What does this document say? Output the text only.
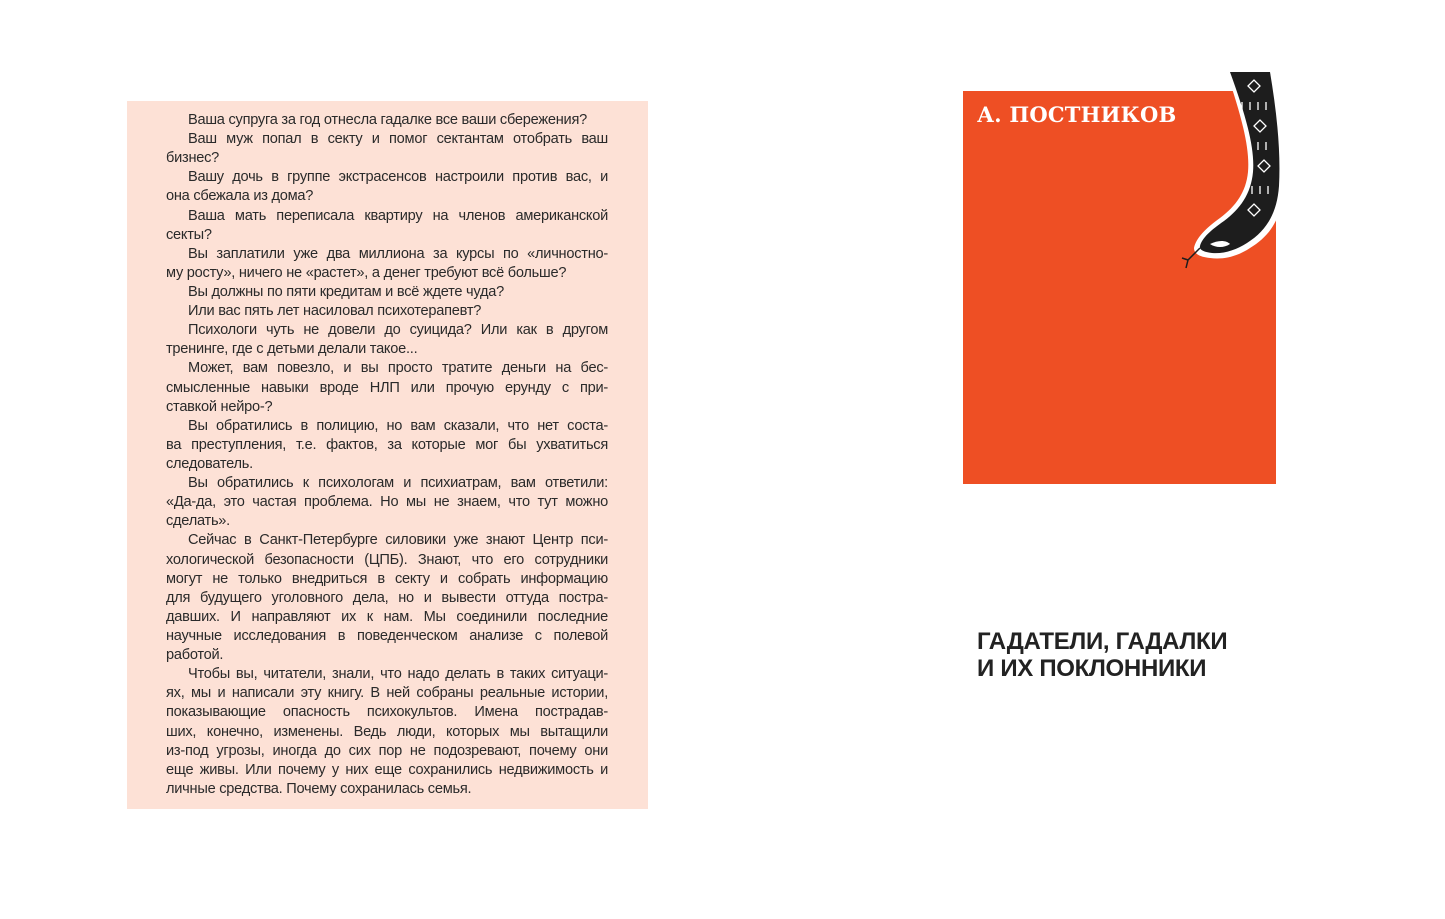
Ваша супруга за год отнесла гадалке все ваши сбережения?
Ваш муж попал в секту и помог сектантам отобрать ваш
бизнес?
Вашу дочь в группе экстрасенсов настроили против вас, и
она сбежала из дома?
Ваша мать переписала квартиру на членов американской
секты?
Вы заплатили уже два миллиона за курсы по «личностно-
му росту», ничего не «растет», а денег требуют всё больше?
Вы должны по пяти кредитам и всё ждете чуда?
Или вас пять лет насиловал психотерапевт?
Психологи чуть не довели до суицида? Или как в другом
тренинге, где с детьми делали такое...
Может, вам повезло, и вы просто тратите деньги на бес-
смысленные навыки вроде НЛП или прочую ерунду с при-
ставкой нейро-?
Вы обратились в полицию, но вам сказали, что нет соста-
ва преступления, т.е. фактов, за которые мог бы ухватиться
следователь.
Вы обратились к психологам и психиатрам, вам ответили:
«Да-да, это частая проблема. Но мы не знаем, что тут можно
сделать».
Сейчас в Санкт-Петербурге силовики уже знают Центр пси-
хологической безопасности (ЦПБ). Знают, что его сотрудники
могут не только внедриться в секту и собрать информацию
для будущего уголовного дела, но и вывести оттуда постра-
давших. И направляют их к нам. Мы соединили последние
научные исследования в поведенческом анализе с полевой
работой.
Чтобы вы, читатели, знали, что надо делать в таких ситуаци-
ях, мы и написали эту книгу. В ней собраны реальные истории,
показывающие опасность психокультов. Имена пострадав-
ших, конечно, изменены. Ведь люди, которых мы вытащили
из-под угрозы, иногда до сих пор не подозревают, почему они
еще живы. Или почему у них еще сохранились недвижимость и
личные средства. Почему сохранилась семья.
А. ПОСТНИКОВ
ГАДАТЕЛИ, ГАДАЛКИ
И ИХ ПОКЛОННИКИ
